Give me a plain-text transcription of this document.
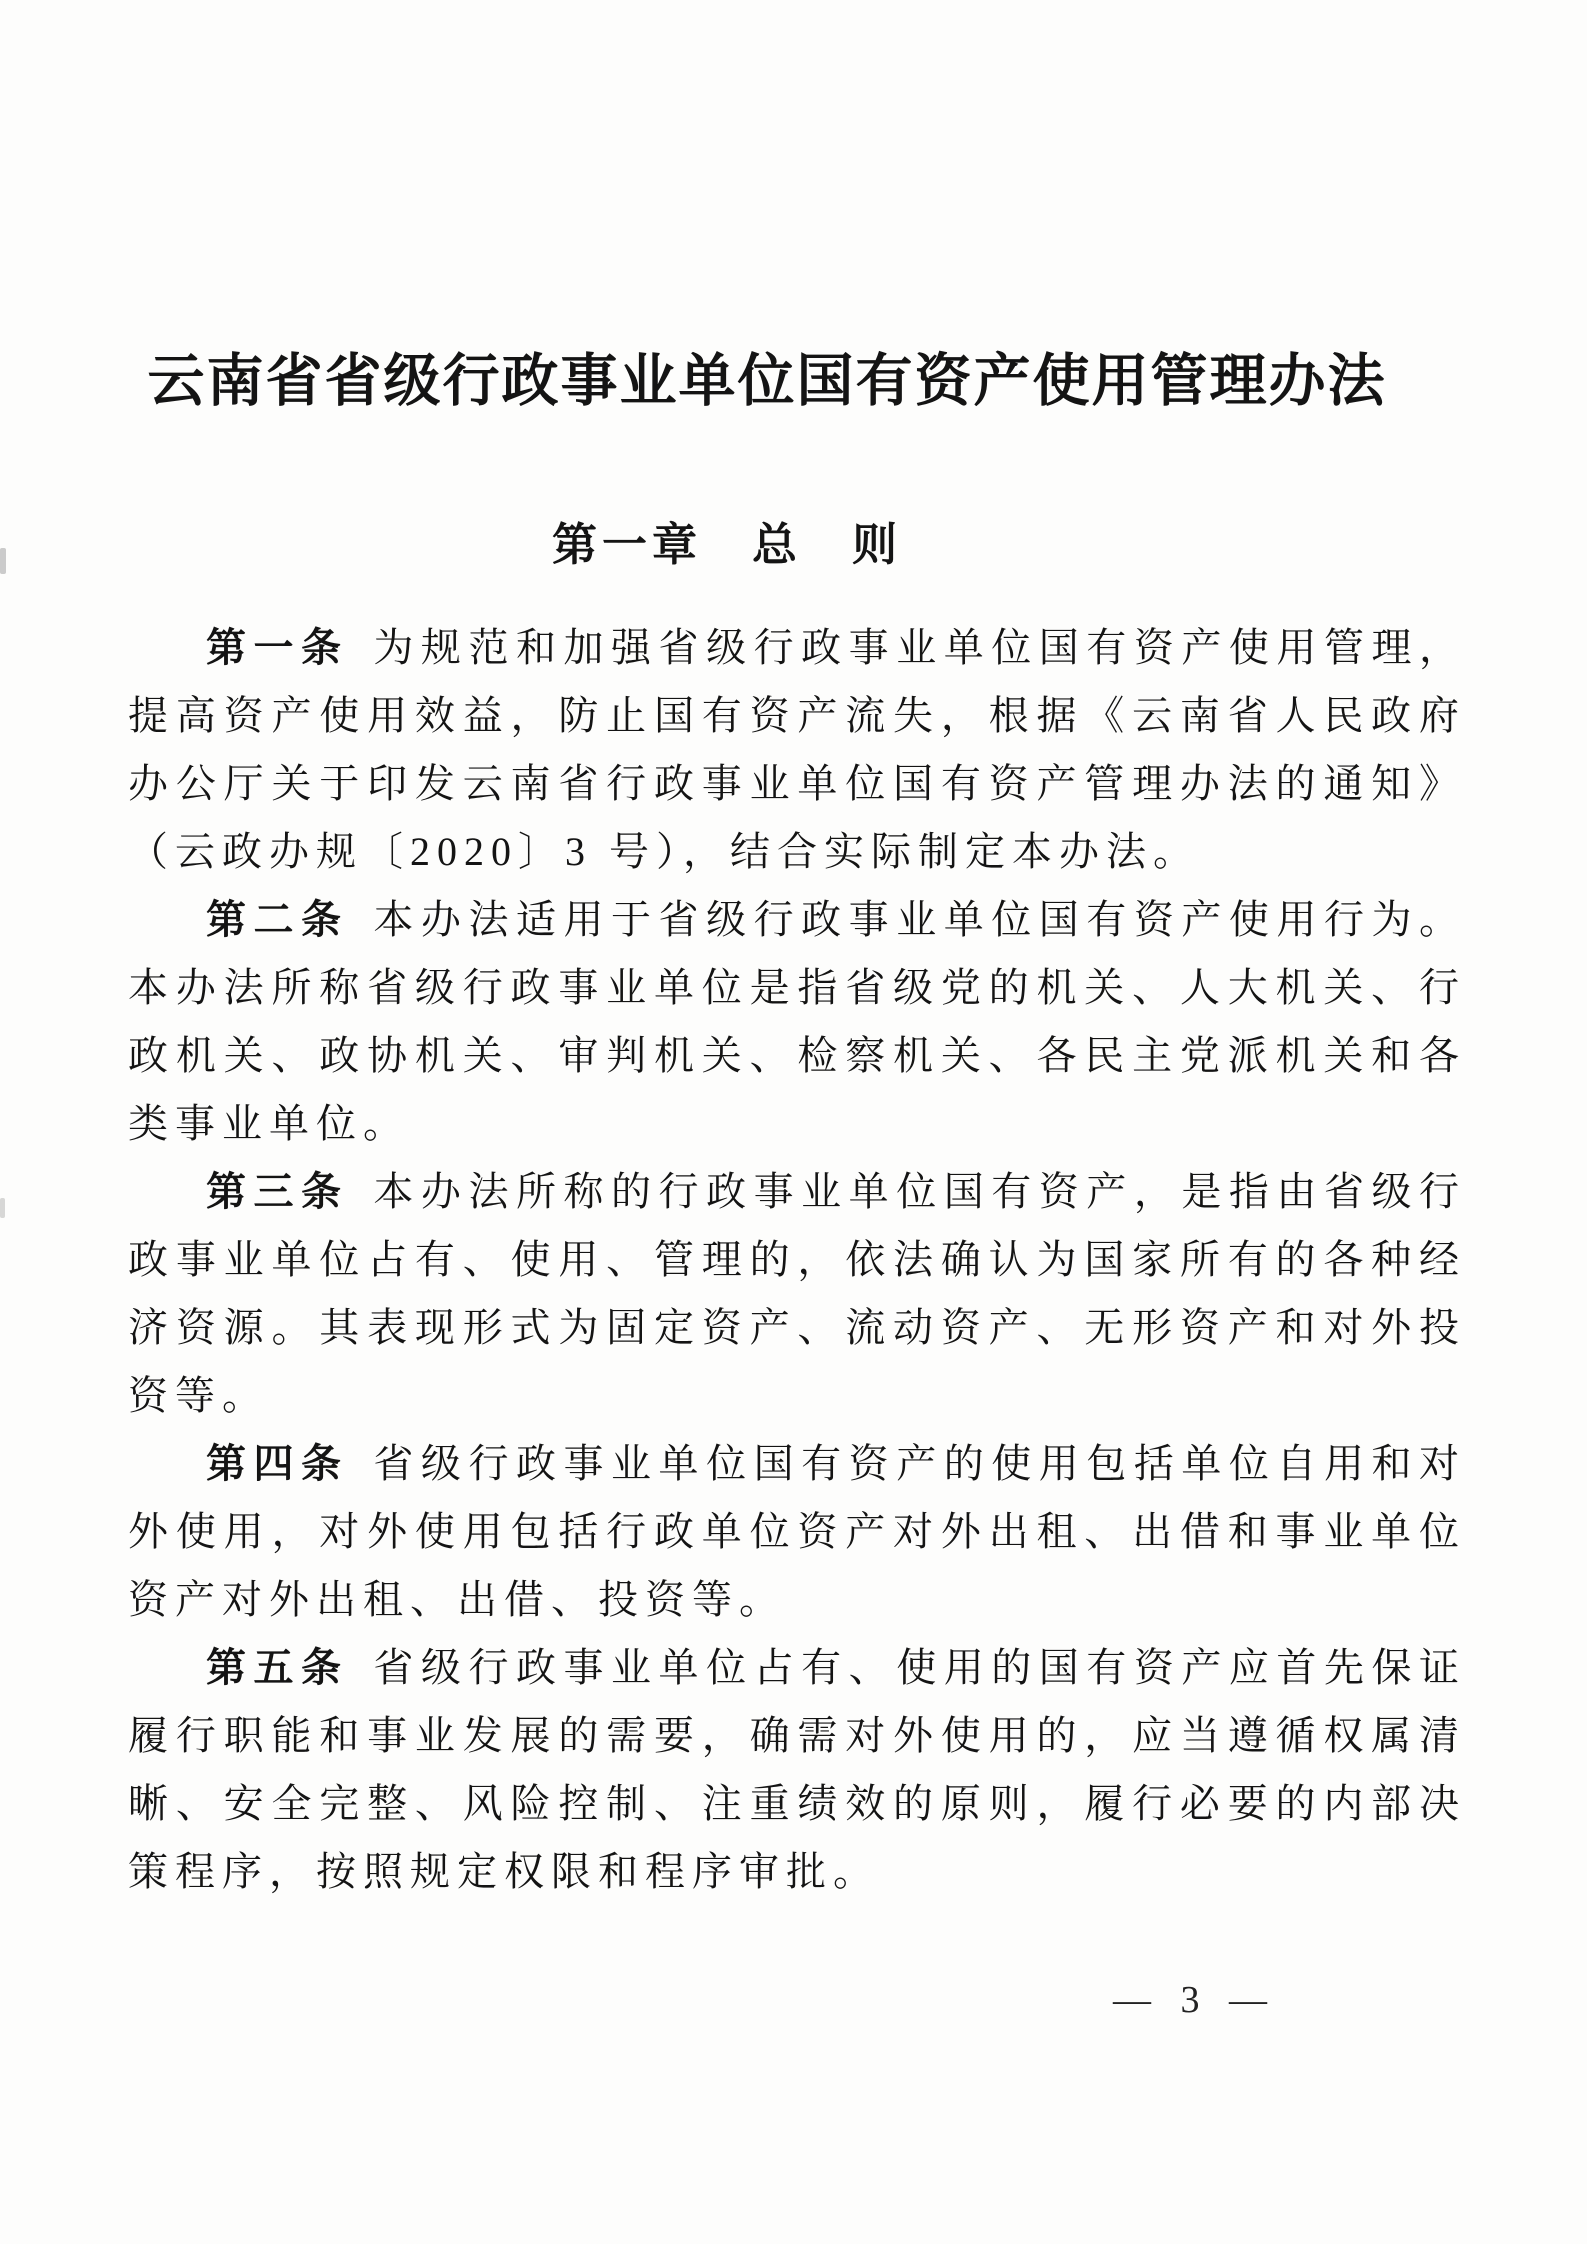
云南省省级行政事业单位国有资产使用管理办法
第一章　总　则

第一条 为规范和加强省级行政事业单位国有资产使用管理，提高资产使用效益，防止国有资产流失，根据《云南省人民政府办公厅关于印发云南省行政事业单位国有资产管理办法的通知》（云政办规〔2020〕3 号），结合实际制定本办法。

第二条 本办法适用于省级行政事业单位国有资产使用行为。本办法所称省级行政事业单位是指省级党的机关、人大机关、行政机关、政协机关、审判机关、检察机关、各民主党派机关和各类事业单位。

第三条 本办法所称的行政事业单位国有资产，是指由省级行政事业单位占有、使用、管理的，依法确认为国家所有的各种经济资源。其表现形式为固定资产、流动资产、无形资产和对外投资等。

第四条 省级行政事业单位国有资产的使用包括单位自用和对外使用，对外使用包括行政单位资产对外出租、出借和事业单位资产对外出租、出借、投资等。

第五条 省级行政事业单位占有、使用的国有资产应首先保证履行职能和事业发展的需要，确需对外使用的，应当遵循权属清晰、安全完整、风险控制、注重绩效的原则，履行必要的内部决策程序，按照规定权限和程序审批。

— 3 —
